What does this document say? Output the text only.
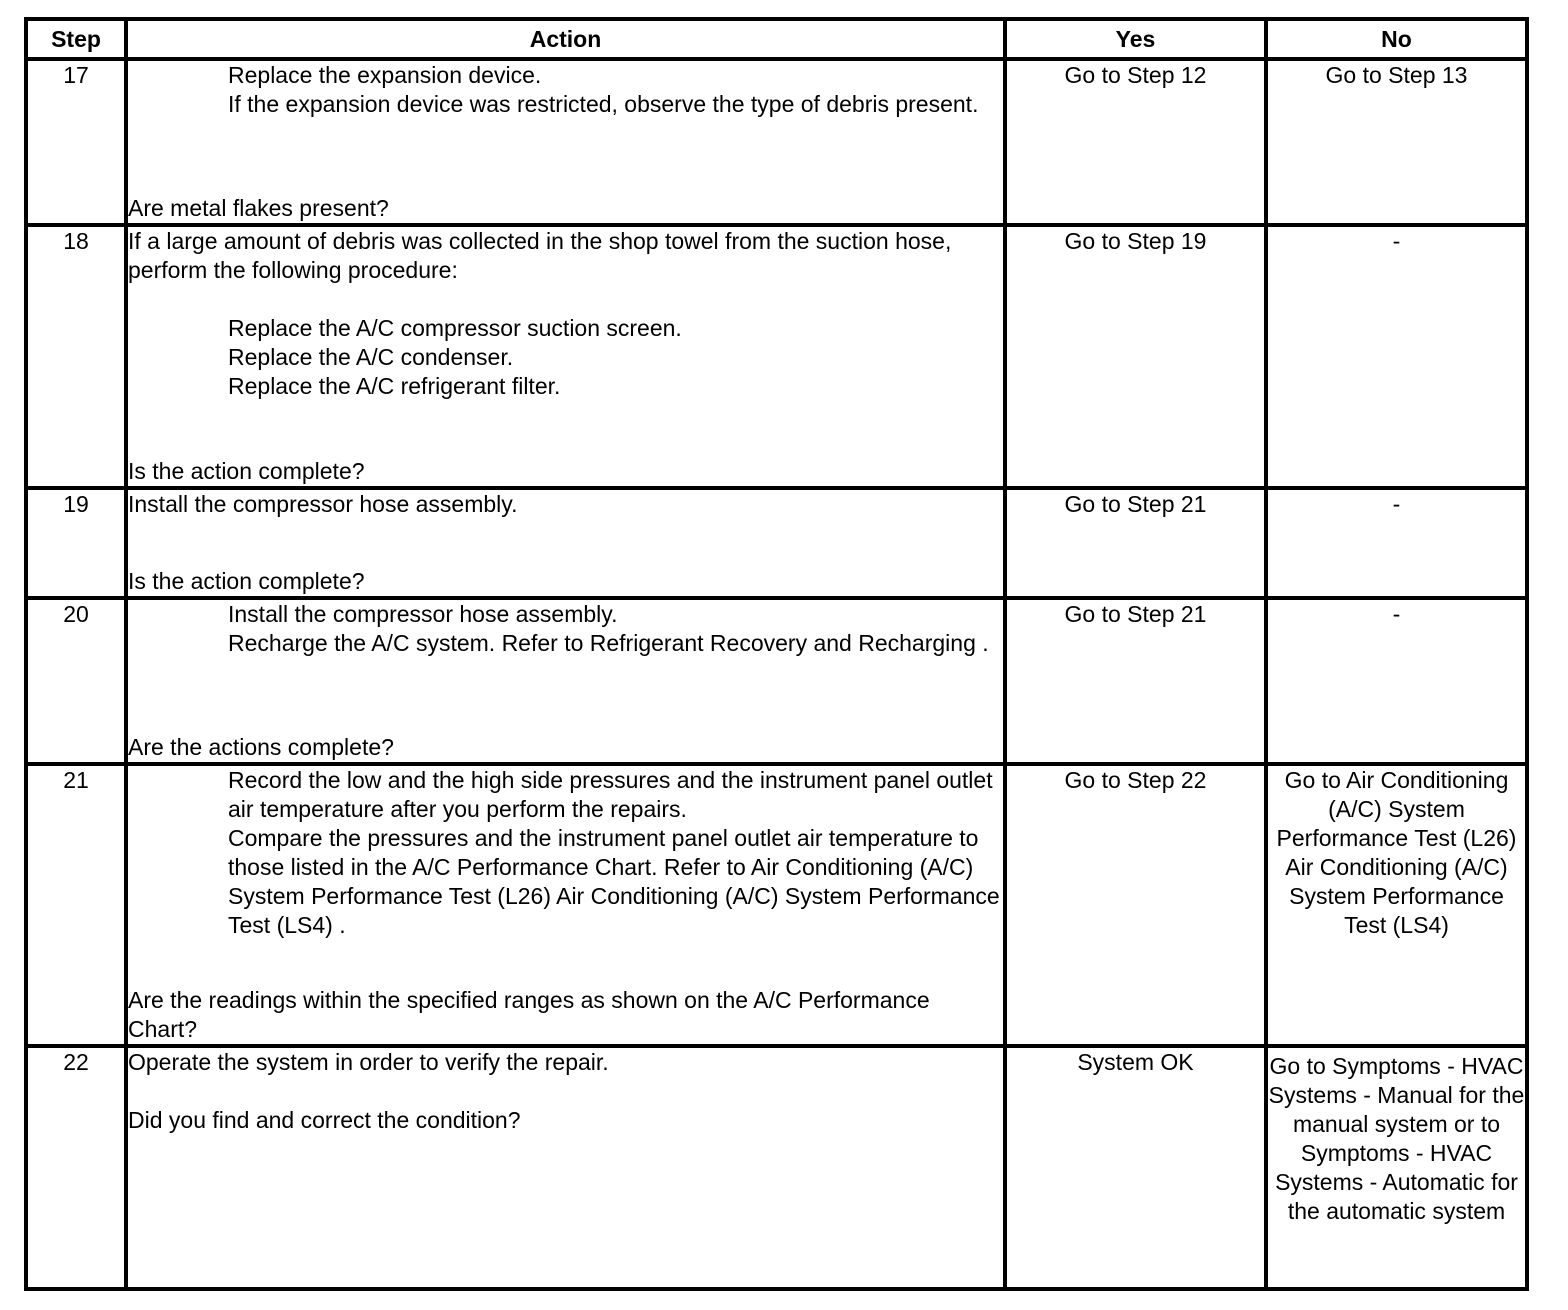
Step	Action	Yes	No
17	Replace the expansion device.
If the expansion device was restricted, observe the type of debris present.
Are metal flakes present?	Go to Step 12	Go to Step 13
18	If a large amount of debris was collected in the shop towel from the suction hose, perform the following procedure:
Replace the A/C compressor suction screen.
Replace the A/C condenser.
Replace the A/C refrigerant filter.
Is the action complete?	Go to Step 19	-
19	Install the compressor hose assembly.
Is the action complete?	Go to Step 21	-
20	Install the compressor hose assembly.
Recharge the A/C system. Refer to Refrigerant Recovery and Recharging .
Are the actions complete?	Go to Step 21	-
21	Record the low and the high side pressures and the instrument panel outlet air temperature after you perform the repairs.
Compare the pressures and the instrument panel outlet air temperature to those listed in the A/C Performance Chart. Refer to Air Conditioning (A/C) System Performance Test (L26) Air Conditioning (A/C) System Performance Test (LS4) .
Are the readings within the specified ranges as shown on the A/C Performance Chart?	Go to Step 22	Go to Air Conditioning (A/C) System Performance Test (L26) Air Conditioning (A/C) System Performance Test (LS4)
22	Operate the system in order to verify the repair.
Did you find and correct the condition?	System OK	Go to Symptoms - HVAC Systems - Manual for the manual system or to Symptoms - HVAC Systems - Automatic for the automatic system
